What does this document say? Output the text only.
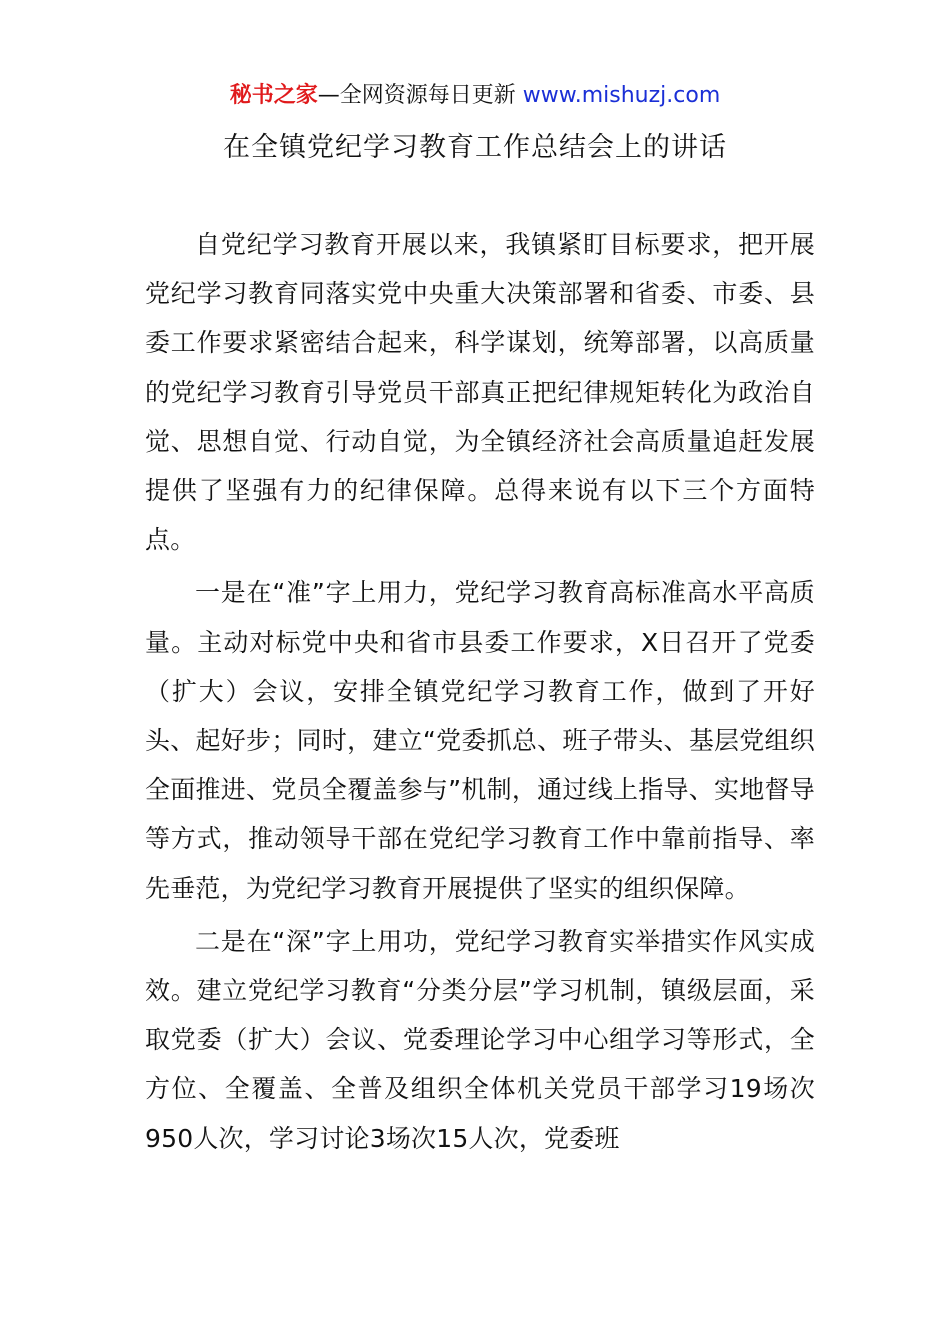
秘书之家—全网资源每日更新 www.mishuzj.com
在全镇党纪学习教育工作总结会上的讲话

自党纪学习教育开展以来，我镇紧盯目标要求，把开展党纪学习教育同落实党中央重大决策部署和省委、市委、县委工作要求紧密结合起来，科学谋划，统筹部署，以高质量的党纪学习教育引导党员干部真正把纪律规矩转化为政治自觉、思想自觉、行动自觉，为全镇经济社会高质量追赶发展提供了坚强有力的纪律保障。总得来说有以下三个方面特点。

一是在“准”字上用力，党纪学习教育高标准高水平高质量。主动对标党中央和省市县委工作要求，X日召开了党委（扩大）会议，安排全镇党纪学习教育工作，做到了开好头、起好步；同时，建立“党委抓总、班子带头、基层党组织全面推进、党员全覆盖参与”机制，通过线上指导、实地督导等方式，推动领导干部在党纪学习教育工作中靠前指导、率先垂范，为党纪学习教育开展提供了坚实的组织保障。

二是在“深”字上用功，党纪学习教育实举措实作风实成效。建立党纪学习教育“分类分层”学习机制，镇级层面，采取党委（扩大）会议、党委理论学习中心组学习等形式，全方位、全覆盖、全普及组织全体机关党员干部学习19场次950人次，学习讨论3场次15人次，党委班
